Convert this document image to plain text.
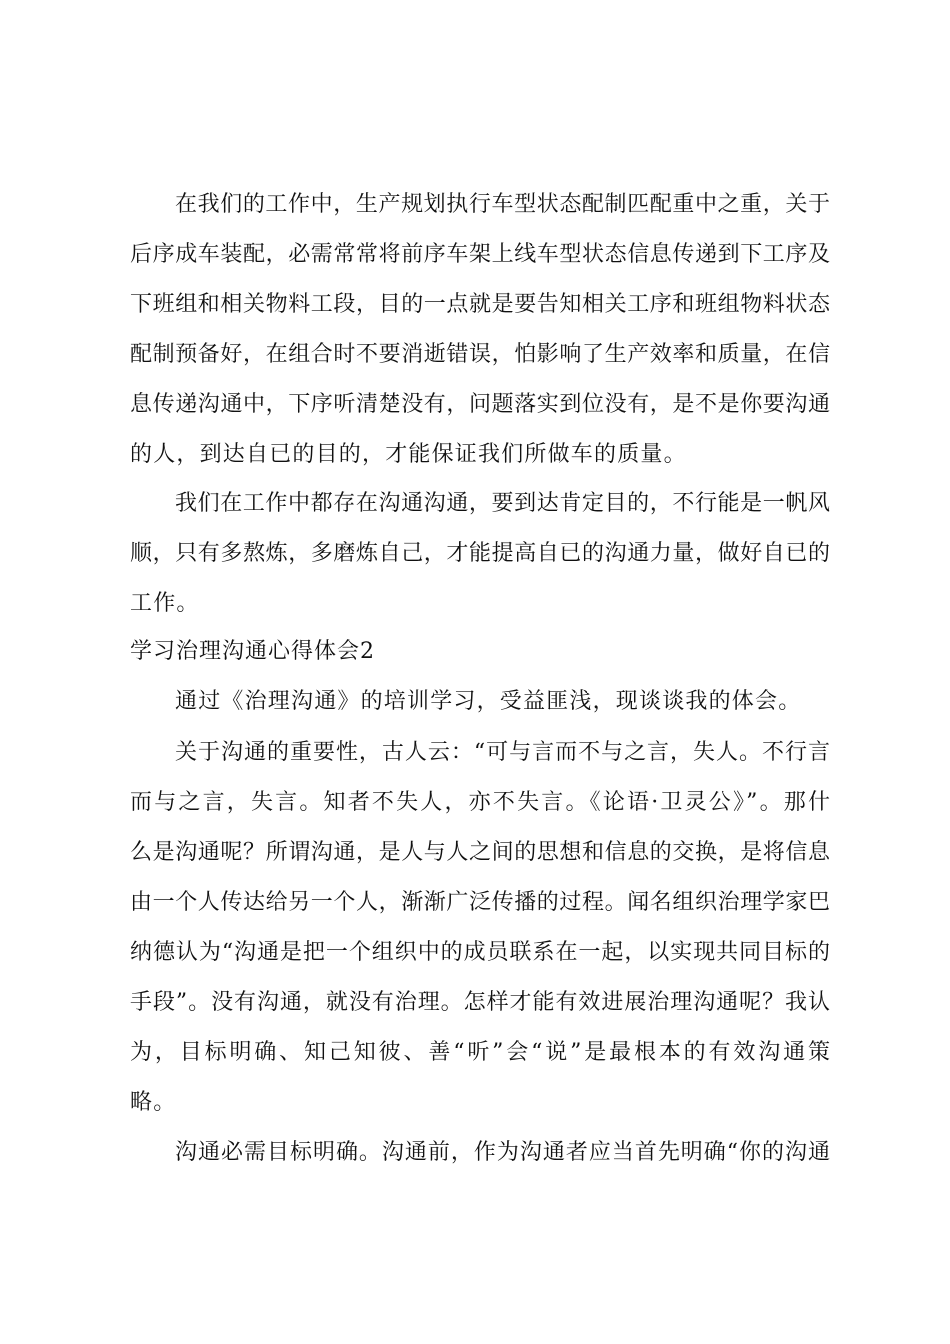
在我们的工作中，生产规划执行车型状态配制匹配重中之重，关于
后序成车装配，必需常常将前序车架上线车型状态信息传递到下工序及
下班组和相关物料工段，目的一点就是要告知相关工序和班组物料状态
配制预备好，在组合时不要消逝错误，怕影响了生产效率和质量，在信
息传递沟通中，下序听清楚没有，问题落实到位没有，是不是你要沟通
的人，到达自已的目的，才能保证我们所做车的质量。
我们在工作中都存在沟通沟通，要到达肯定目的，不行能是一帆风
顺，只有多熬炼，多磨炼自己，才能提高自已的沟通力量，做好自已的
工作。
学习治理沟通心得体会2
通过《治理沟通》的培训学习，受益匪浅，现谈谈我的体会。
关于沟通的重要性，古人云：“可与言而不与之言，失人。不行言
而与之言，失言。知者不失人，亦不失言。《论语·卫灵公》”。那什
么是沟通呢？所谓沟通，是人与人之间的思想和信息的交换，是将信息
由一个人传达给另一个人，渐渐广泛传播的过程。闻名组织治理学家巴
纳德认为“沟通是把一个组织中的成员联系在一起，以实现共同目标的
手段”。没有沟通，就没有治理。怎样才能有效进展治理沟通呢？我认
为，目标明确、知己知彼、善“听”会“说”是最根本的有效沟通策
略。
沟通必需目标明确。沟通前，作为沟通者应当首先明确“你的沟通
